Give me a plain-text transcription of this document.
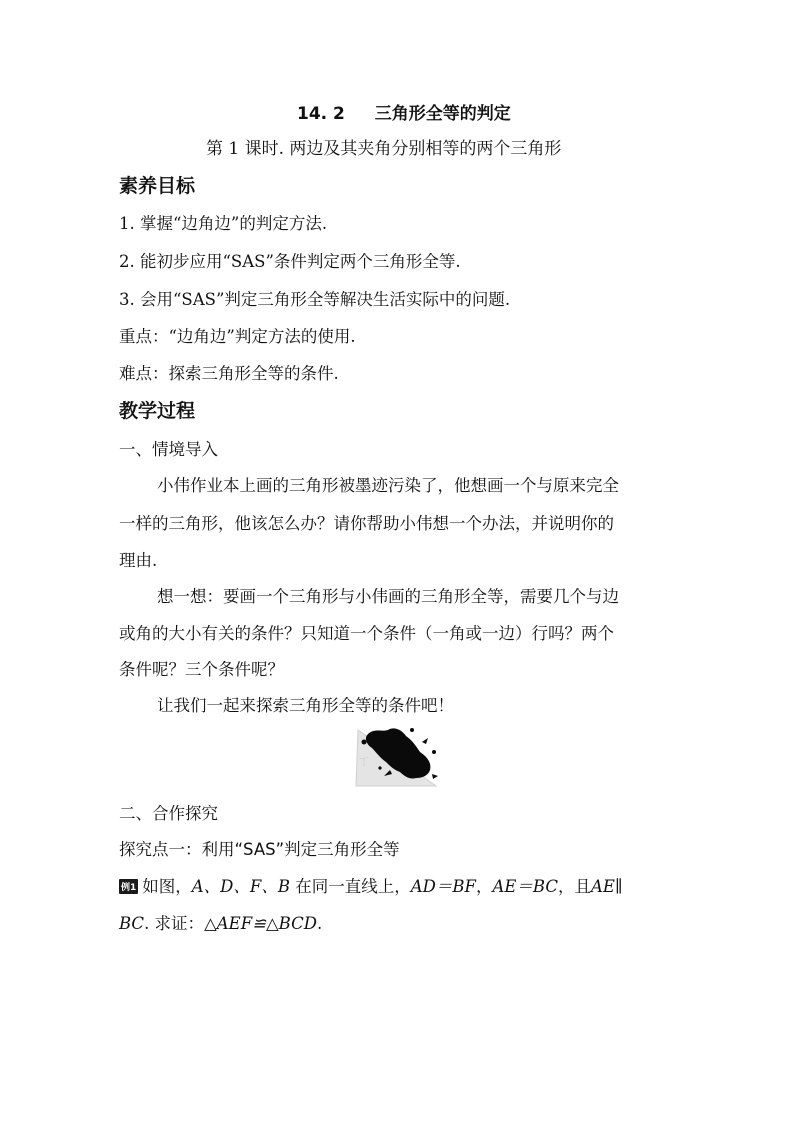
14. 2 三角形全等的判定
第 1 课时. 两边及其夹角分别相等的两个三角形
素养目标
1. 掌握“边角边”的判定方法.
2. 能初步应用“SAS”条件判定两个三角形全等.
3. 会用“SAS”判定三角形全等解决生活实际中的问题.
重点：“边角边”判定方法的使用.
难点：探索三角形全等的条件.
教学过程
一、情境导入
小伟作业本上画的三角形被墨迹污染了，他想画一个与原来完全
一样的三角形，他该怎么办？请你帮助小伟想一个办法，并说明你的
理由.
想一想：要画一个三角形与小伟画的三角形全等，需要几个与边
或角的大小有关的条件？只知道一个条件（一角或一边）行吗？两个
条件呢？三个条件呢？
让我们一起来探索三角形全等的条件吧！
ㄒ
二、合作探究
探究点一：利用“SAS”判定三角形全等
例1 如图，A、D、F、B 在同一直线上，AD＝BF，AE＝BC，且AE∥
BC. 求证：△AEF≌△BCD.
